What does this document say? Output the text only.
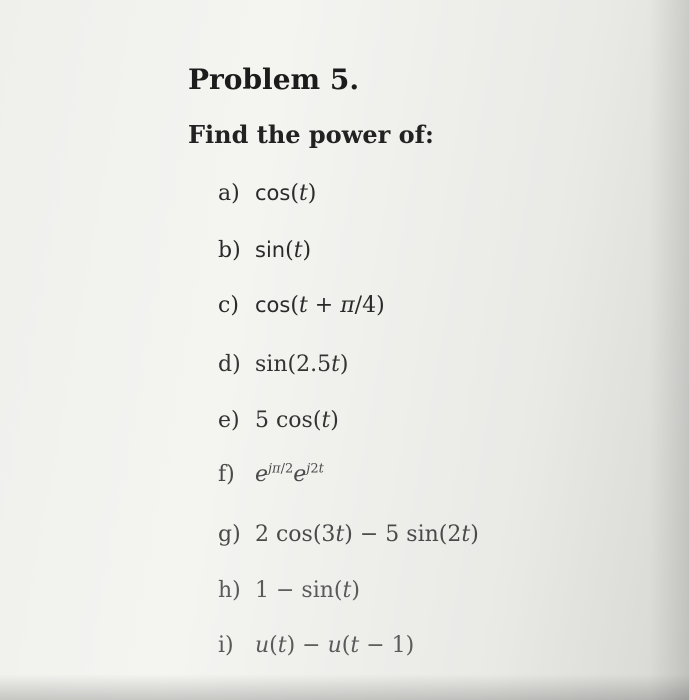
Problem 5.
Find the power of:
a) cos(t)
b) sin(t)
c) cos(t + π/4)
d) sin(2.5t)
e) 5 cos(t)
f) $e^{j\pi/2}e^{j2t}$
g) 2 cos(3t) − 5 sin(2t)
h) 1 − sin(t)
i) u(t) − u(t − 1)
